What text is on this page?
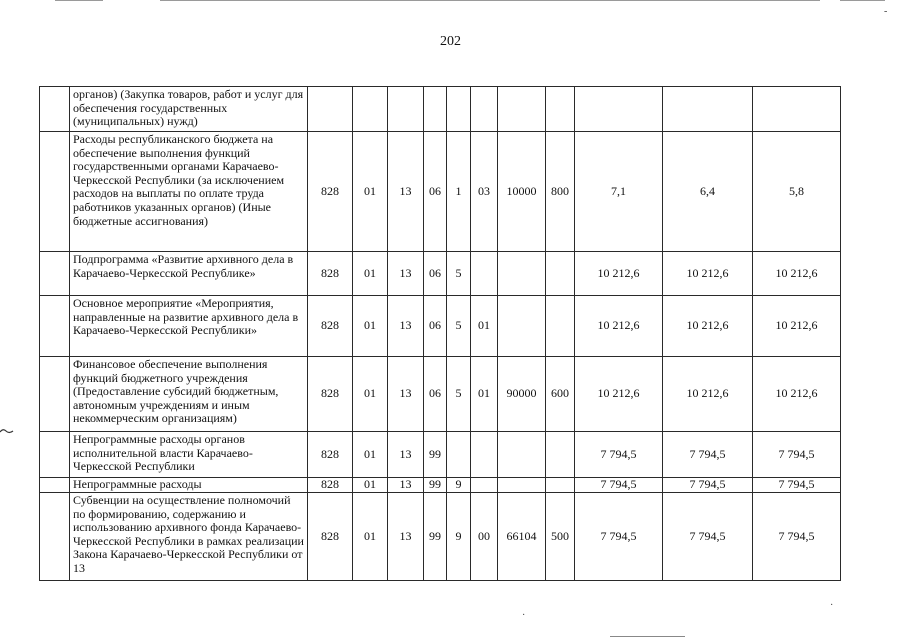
‑
202
	органов) (Закупка товаров, работ и услуг для обеспечения государственных (муниципальных) нужд)											
	Расходы республиканского бюджета на обеспечение выполнения функций государственными органами Карачаево-Черкесской Республики (за исключением расходов на выплаты по оплате труда работников указанных органов) (Иные бюджетные ассигнования)	828	01	13	06	1	03	10000	800	7,1	6,4	5,8
	Подпрограмма «Развитие архивного дела в Карачаево-Черкесской Республике»	828	01	13	06	5				10 212,6	10 212,6	10 212,6
	Основное мероприятие «Мероприятия, направленные на развитие архивного дела в Карачаево-Черкесской Республики»	828	01	13	06	5	01			10 212,6	10 212,6	10 212,6
	Финансовое обеспечение выполнения функций бюджетного учреждения (Предоставление субсидий бюджетным, автономным учреждениям и иным некоммерческим организациям)	828	01	13	06	5	01	90000	600	10 212,6	10 212,6	10 212,6
	Непрограммные расходы органов исполнительной власти Карачаево-Черкесской Республики	828	01	13	99					7 794,5	7 794,5	7 794,5
	Непрограммные расходы	828	01	13	99	9				7 794,5	7 794,5	7 794,5
	Субвенции на осуществление полномочий по формированию, содержанию и использованию архивного фонда Карачаево-Черкесской Республики в рамках реализации Закона Карачаево-Черкесской Республики от 13	828	01	13	99	9	00	66104	500	7 794,5	7 794,5	7 794,5
·
·
